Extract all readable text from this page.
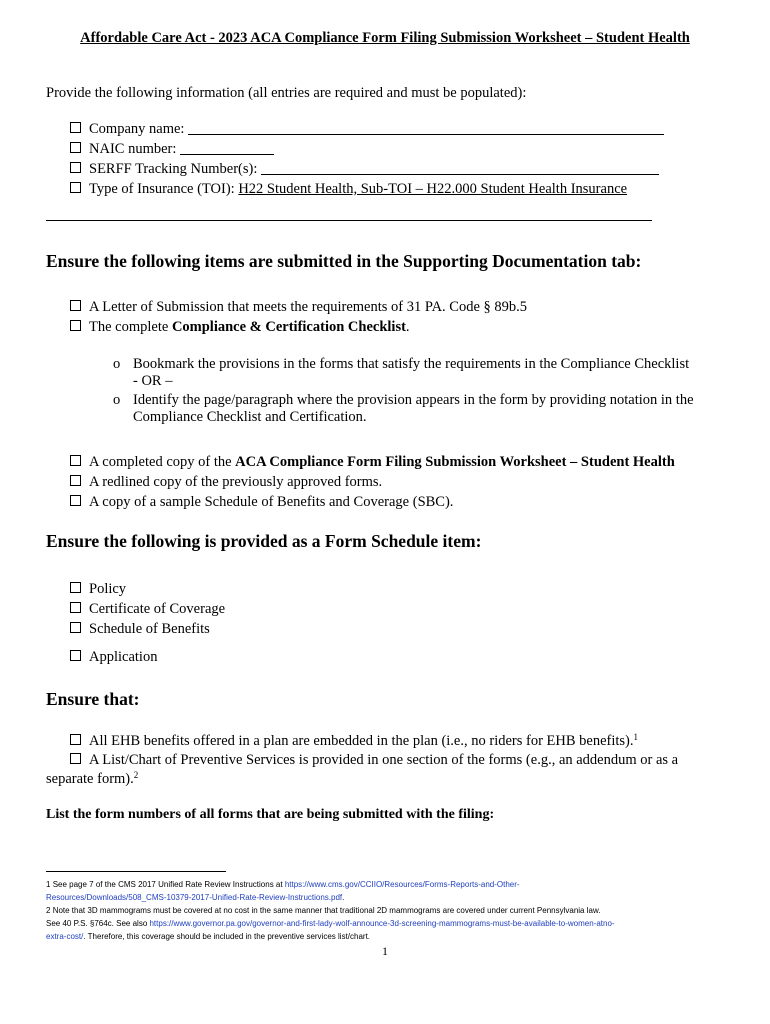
Affordable Care Act - 2023 ACA Compliance Form Filing Submission Worksheet – Student Health
Provide the following information (all entries are required and must be populated):
Company name:
NAIC number:
SERFF Tracking Number(s):
Type of Insurance (TOI): H22 Student Health, Sub-TOI – H22.000 Student Health Insurance
Ensure the following items are submitted in the Supporting Documentation tab:
A Letter of Submission that meets the requirements of 31 PA. Code § 89b.5
The complete Compliance & Certification Checklist.
o Bookmark the provisions in the forms that satisfy the requirements in the Compliance Checklist
- OR –
o Identify the page/paragraph where the provision appears in the form by providing notation in the
Compliance Checklist and Certification.
A completed copy of the ACA Compliance Form Filing Submission Worksheet – Student Health
A redlined copy of the previously approved forms.
A copy of a sample Schedule of Benefits and Coverage (SBC).
Ensure the following is provided as a Form Schedule item:
Policy
Certificate of Coverage
Schedule of Benefits
Application
Ensure that:
All EHB benefits offered in a plan are embedded in the plan (i.e., no riders for EHB benefits).$^1$
A List/Chart of Preventive Services is provided in one section of the forms (e.g., an addendum or as a
separate form).$^2$
List the form numbers of all forms that are being submitted with the filing:
1 See page 7 of the CMS 2017 Unified Rate Review Instructions at https://www.cms.gov/CCIIO/Resources/Forms-Reports-and-Other-
Resources/Downloads/508_CMS-10379-2017-Unified-Rate-Review-Instructions.pdf.
2 Note that 3D mammograms must be covered at no cost in the same manner that traditional 2D mammograms are covered under current Pennsylvania law.
See 40 P.S. §764c. See also https://www.governor.pa.gov/governor-and-first-lady-wolf-announce-3d-screening-mammograms-must-be-available-to-women-atno-
extra-cost/. Therefore, this coverage should be included in the preventive services list/chart.
1
